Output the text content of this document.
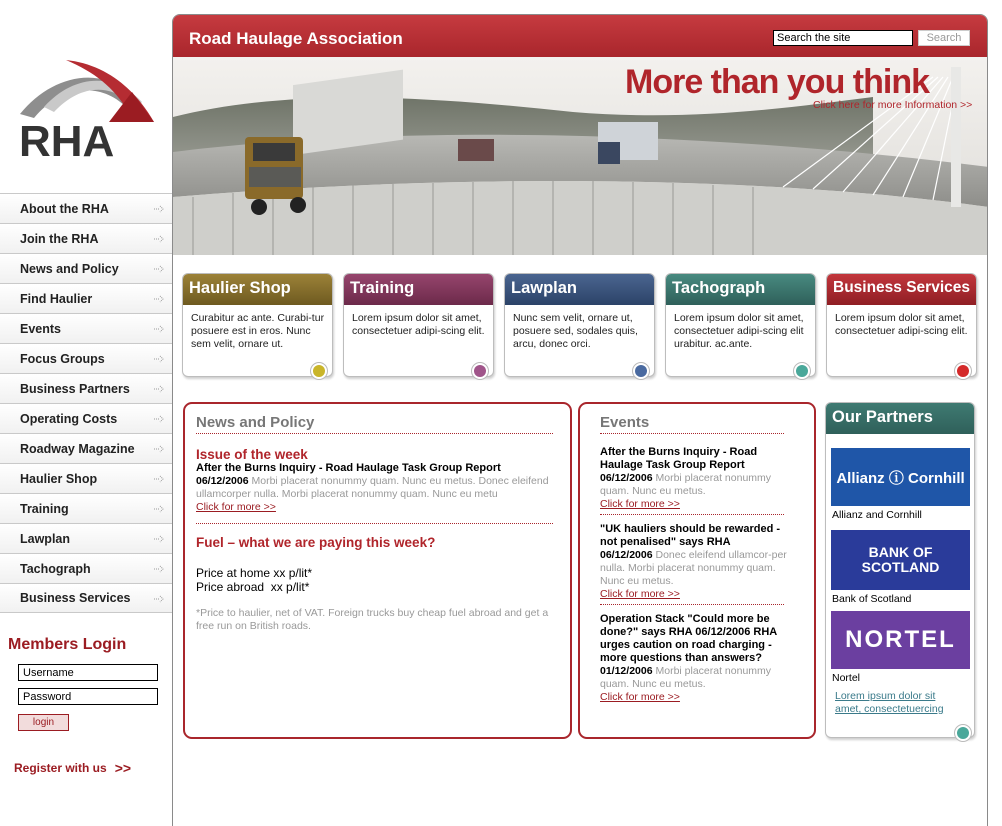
RHA
About the RHA
Join the RHA
News and Policy
Find Haulier
Events
Focus Groups
Business Partners
Operating Costs
Roadway Magazine
Haulier Shop
Training
Lawplan
Tachograph
Business Services
Members Login
Username
Password login
Register with us >>
Road Haulage Association
Search the site	Search
More than you think
Click here for more Information >>
Haulier Shop
Curabitur ac ante. Curabi-tur posuere est in eros. Nunc sem velit, ornare ut.
Training
Lorem ipsum dolor sit amet, consectetuer adipi-scing elit.
Lawplan
Nunc sem velit, ornare ut, posuere sed, sodales quis, arcu, donec orci.
Tachograph
Lorem ipsum dolor sit amet, consectetuer adipi-scing elit urabitur. ac.ante.
Business Services
Lorem ipsum dolor sit amet, consectetuer adipi-scing elit.
News and Policy
Issue of the week
After the Burns Inquiry - Road Haulage Task Group Report
06/12/2006 Morbi placerat nonummy quam. Nunc eu metus. Donec eleifend ullamcorper nulla. Morbi placerat nonummy quam. Nunc eu metu
Click for more >>
Fuel – what we are paying this week?
Price at home xx p/lit*
Price abroad  xx p/lit*
*Price to haulier, net of VAT. Foreign trucks buy cheap fuel abroad and get a free run on British roads.
Events
After the Burns Inquiry - Road Haulage Task Group Report
06/12/2006 Morbi placerat nonummy quam. Nunc eu metus.
Click for more >>
"UK hauliers should be rewarded - not penalised" says RHA
06/12/2006 Donec eleifend ullamcor-per nulla. Morbi placerat nonummy quam. Nunc eu metus.
Click for more >>
Operation Stack "Could more be done?" says RHA 06/12/2006 RHA urges caution on road charging - more questions than answers?
01/12/2006 Morbi placerat nonummy quam. Nunc eu metus.
Click for more >>
Our Partners
Allianz ⓘ Cornhill
Allianz and Cornhill
BANK OF SCOTLAND
Bank of Scotland
NORTEL
Nortel
Lorem ipsum dolor sit amet, consectetuercing
